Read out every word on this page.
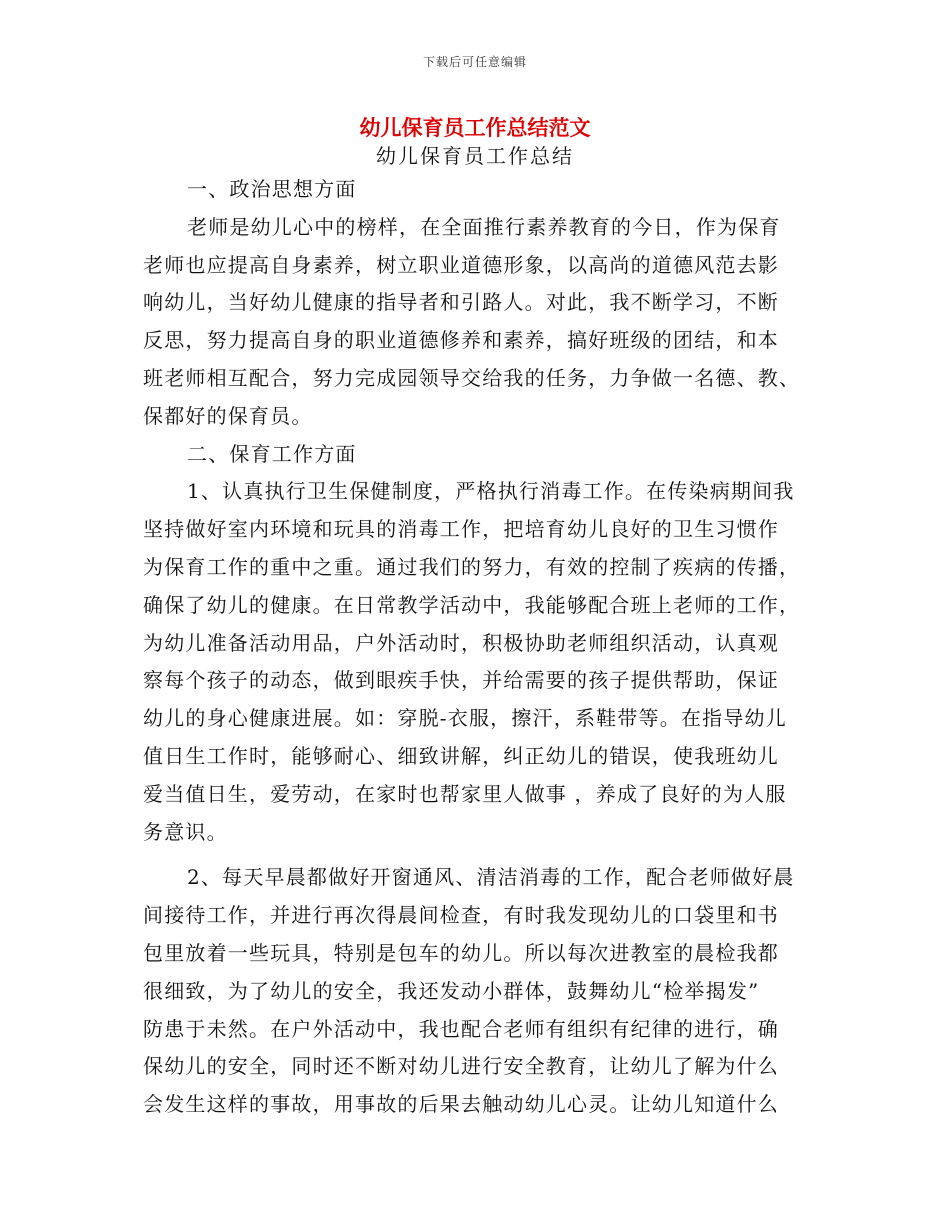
下载后可任意编辑
幼儿保育员工作总结范文
幼儿保育员工作总结
一、政治思想方面
老师是幼儿心中的榜样，在全面推行素养教育的今日，作为保育
老师也应提高自身素养，树立职业道德形象，以高尚的道德风范去影
响幼儿，当好幼儿健康的指导者和引路人。对此，我不断学习，不断
反思，努力提高自身的职业道德修养和素养，搞好班级的团结，和本
班老师相互配合，努力完成园领导交给我的任务，力争做一名德、教、
保都好的保育员。
二、保育工作方面
1、认真执行卫生保健制度，严格执行消毒工作。在传染病期间我
坚持做好室内环境和玩具的消毒工作，把培育幼儿良好的卫生习惯作
为保育工作的重中之重。通过我们的努力，有效的控制了疾病的传播，
确保了幼儿的健康。在日常教学活动中，我能够配合班上老师的工作，
为幼儿准备活动用品，户外活动时，积极协助老师组织活动，认真观
察每个孩子的动态，做到眼疾手快，并给需要的孩子提供帮助，保证
幼儿的身心健康进展。如：穿脱-衣服，擦汗，系鞋带等。在指导幼儿
值日生工作时，能够耐心、细致讲解，纠正幼儿的错误，使我班幼儿
爱当值日生，爱劳动，在家时也帮家里人做事 ，养成了良好的为人服
务意识。
2、每天早晨都做好开窗通风、清洁消毒的工作，配合老师做好晨
间接待工作，并进行再次得晨间检查，有时我发现幼儿的口袋里和书
包里放着一些玩具，特别是包车的幼儿。所以每次进教室的晨检我都
很细致，为了幼儿的安全，我还发动小群体，鼓舞幼儿“检举揭发”
防患于未然。在户外活动中，我也配合老师有组织有纪律的进行，确
保幼儿的安全，同时还不断对幼儿进行安全教育，让幼儿了解为什么
会发生这样的事故，用事故的后果去触动幼儿心灵。让幼儿知道什么
